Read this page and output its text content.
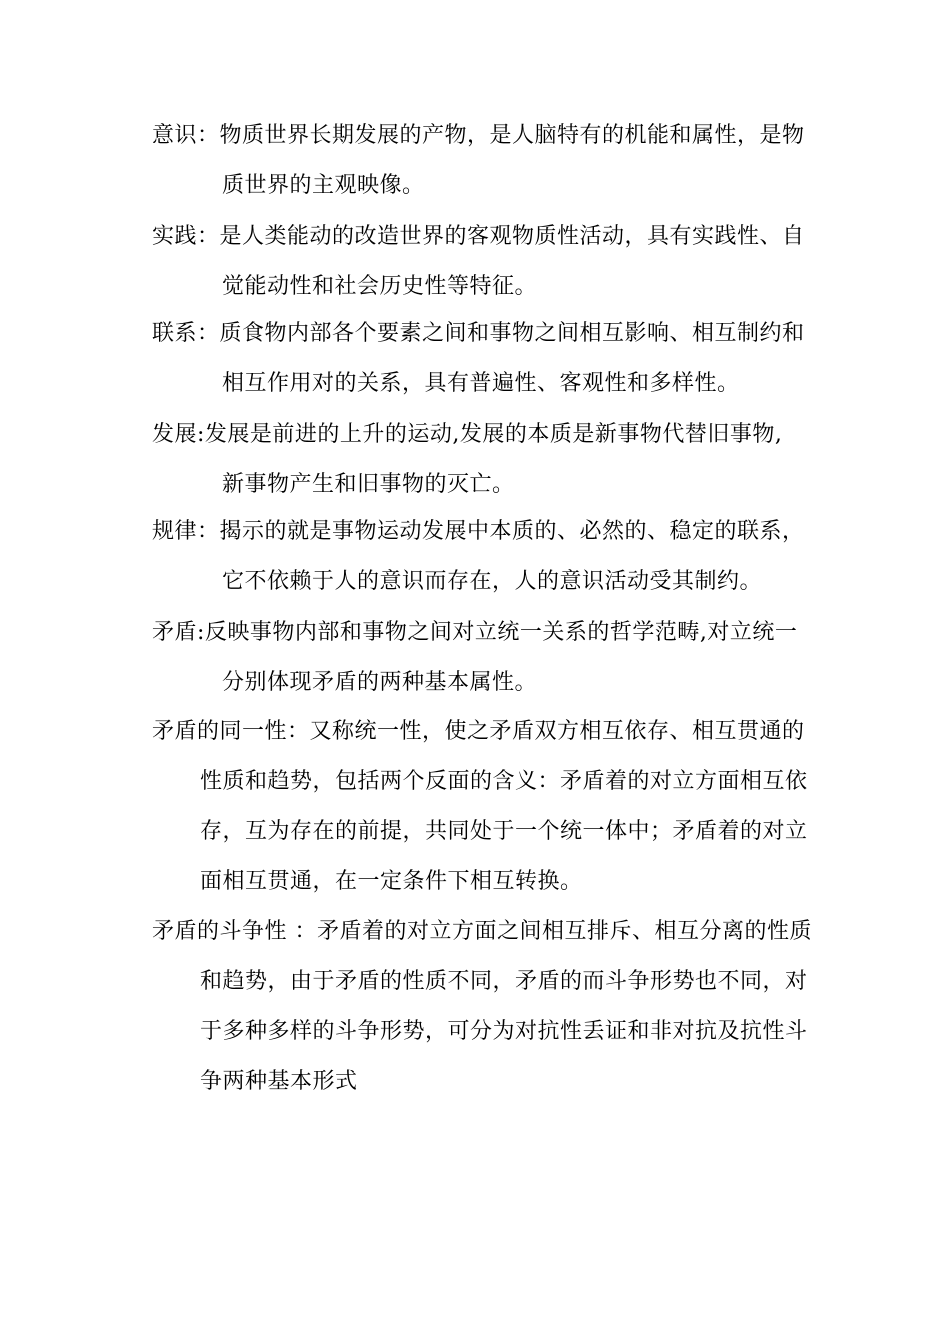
意识：物质世界长期发展的产物，是人脑特有的机能和属性，是物
质世界的主观映像。
实践：是人类能动的改造世界的客观物质性活动，具有实践性、自
觉能动性和社会历史性等特征。
联系：质食物内部各个要素之间和事物之间相互影响、相互制约和
相互作用对的关系，具有普遍性、客观性和多样性。
发展:发展是前进的上升的运动,发展的本质是新事物代替旧事物,
新事物产生和旧事物的灭亡。
规律：揭示的就是事物运动发展中本质的、必然的、稳定的联系，
它不依赖于人的意识而存在，人的意识活动受其制约。
矛盾:反映事物内部和事物之间对立统一关系的哲学范畴,对立统一
分别体现矛盾的两种基本属性。
矛盾的同一性：又称统一性，使之矛盾双方相互依存、相互贯通的
性质和趋势，包括两个反面的含义：矛盾着的对立方面相互依
存，互为存在的前提，共同处于一个统一体中；矛盾着的对立
面相互贯通，在一定条件下相互转换。
矛盾的斗争性 ：矛盾着的对立方面之间相互排斥、相互分离的性质
和趋势，由于矛盾的性质不同，矛盾的而斗争形势也不同，对
于多种多样的斗争形势，可分为对抗性丢证和非对抗及抗性斗
争两种基本形式
